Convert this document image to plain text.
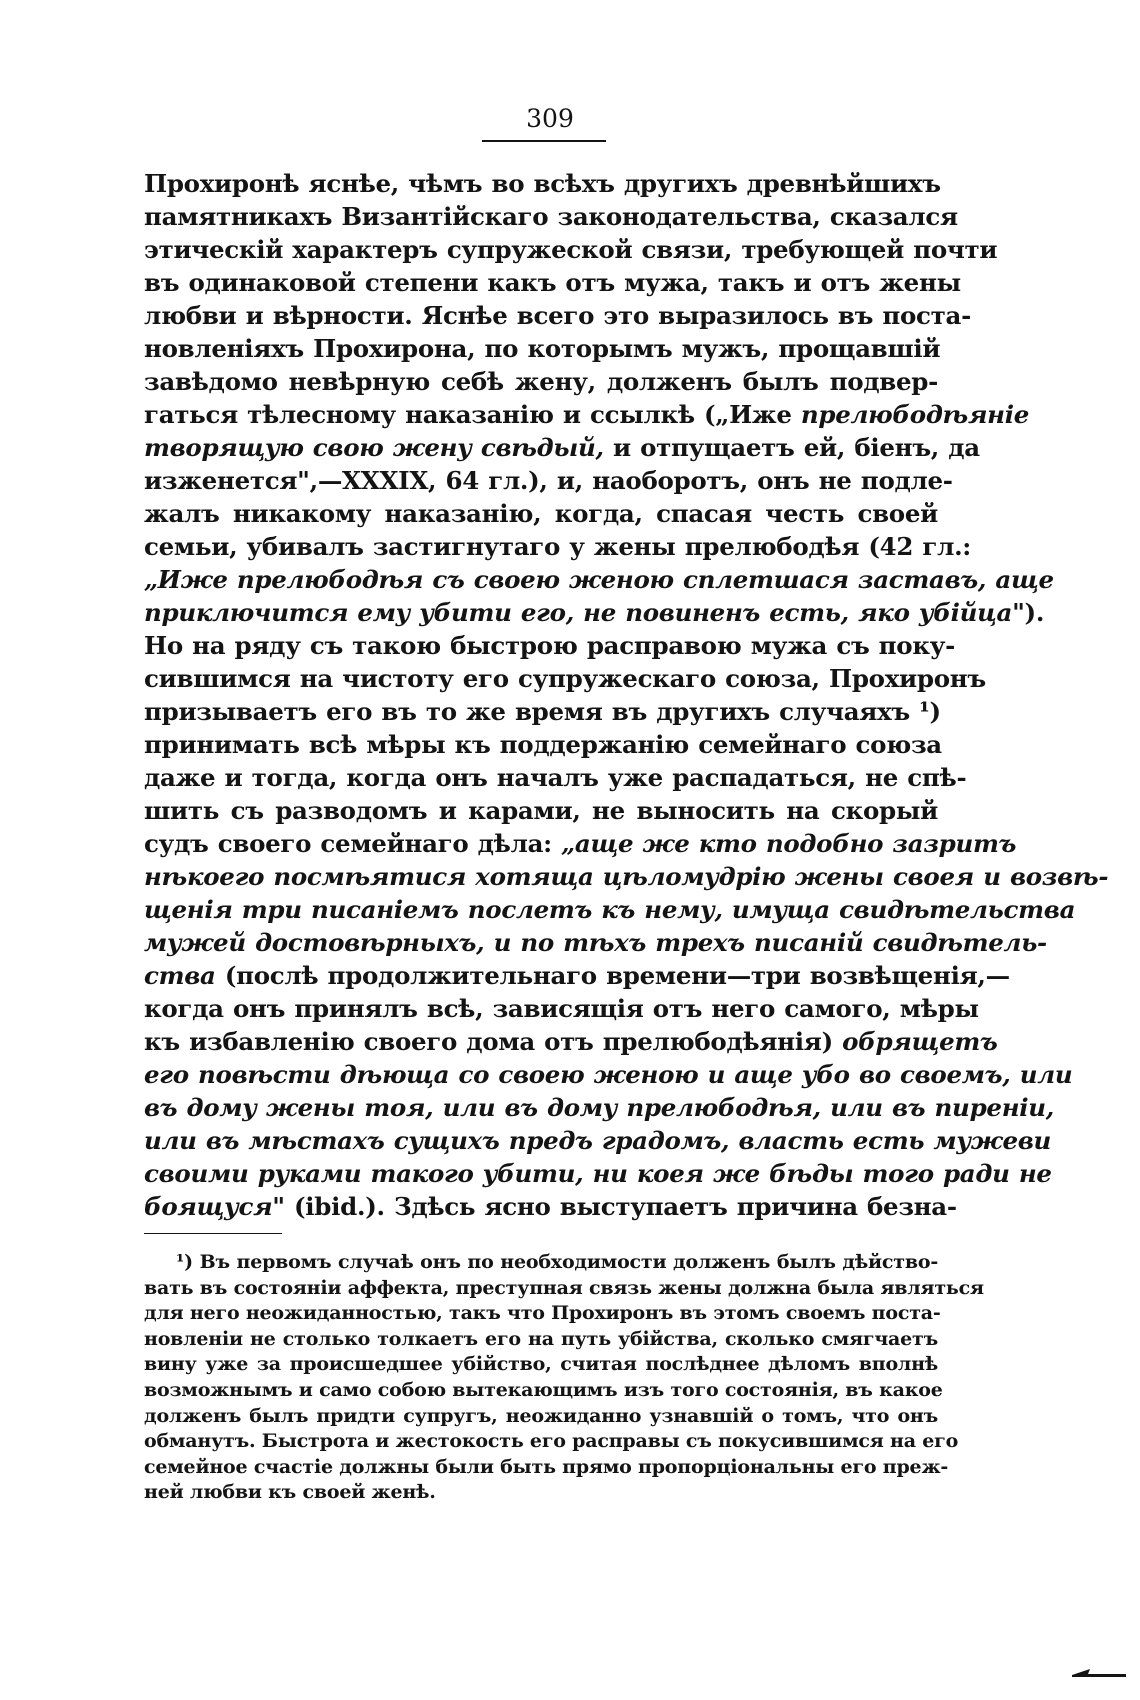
309
Прохиронѣ яснѣе, чѣмъ во всѣхъ другихъ древнѣйшихъ
памятникахъ Византійскаго законодательства, сказался
этическій характеръ супружеской связи, требующей почти
въ одинаковой степени какъ отъ мужа, такъ и отъ жены
любви и вѣрности. Яснѣе всего это выразилось въ поста-
новленіяхъ Прохирона, по которымъ мужъ, прощавшій
завѣдомо невѣрную себѣ жену, долженъ былъ подвер-
гаться тѣлесному наказанію и ссылкѣ („Иже прелюбодѣяніе
творящую свою жену свѣдый, и отпущаетъ ей, біенъ, да
изженется",—XXXIX, 64 гл.), и, наоборотъ, онъ не подле-
жалъ никакому наказанію, когда, спасая честь своей
семьи, убивалъ застигнутаго у жены прелюбодѣя (42 гл.:
„Иже прелюбодѣя съ своею женою сплетшася заставъ, аще
приключится ему убити его, не повиненъ есть, яко убійца").
Но на ряду съ такою быстрою расправою мужа съ поку-
сившимся на чистоту его супружескаго союза, Прохиронъ
призываетъ его въ то же время въ другихъ случаяхъ ¹)
принимать всѣ мѣры къ поддержанію семейнаго союза
даже и тогда, когда онъ началъ уже распадаться, не спѣ-
шить съ разводомъ и карами, не выносить на скорый
судъ своего семейнаго дѣла: „аще же кто подобно зазритъ
нѣкоего посмѣятися хотяща цѣломудрію жены своея и возвѣ-
щенія три писаніемъ послетъ къ нему, имуща свидѣтельства
мужей достовѣрныхъ, и по тѣхъ трехъ писаній свидѣтель-
ства (послѣ продолжительнаго времени—три возвѣщенія,—
когда онъ принялъ всѣ, зависящія отъ него самого, мѣры
къ избавленію своего дома отъ прелюбодѣянія) обрящетъ
его повѣсти дѣюща со своею женою и аще убо во своемъ, или
въ дому жены тоя, или въ дому прелюбодѣя, или въ пиреніи,
или въ мѣстахъ сущихъ предъ градомъ, власть есть мужеви
своими руками такого убити, ни коея же бѣды того ради не
боящуся" (ibid.). Здѣсь ясно выступаетъ причина безна-
¹) Въ первомъ случаѣ онъ по необходимости долженъ былъ дѣйство-
вать въ состояніи аффекта, преступная связь жены должна была являться
для него неожиданностью, такъ что Прохиронъ въ этомъ своемъ поста-
новленіи не столько толкаетъ его на путь убійства, сколько смягчаетъ
вину уже за происшедшее убійство, считая послѣднее дѣломъ вполнѣ
возможнымъ и само собою вытекающимъ изъ того состоянія, въ какое
долженъ былъ придти супругъ, неожиданно узнавшій о томъ, что онъ
обманутъ. Быстрота и жестокость его расправы съ покусившимся на его
семейное счастіе должны были быть прямо пропорціональны его преж-
ней любви къ своей женѣ.
